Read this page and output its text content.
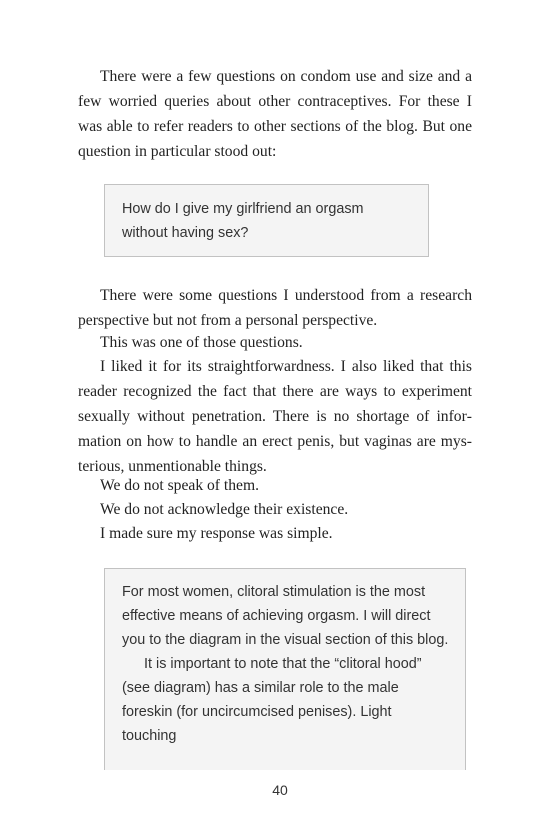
There were a few questions on condom use and size and a few worried queries about other contraceptives. For these I was able to refer readers to other sections of the blog. But one question in particular stood out:

How do I give my girlfriend an orgasm without having sex?

There were some questions I understood from a research perspective but not from a personal perspective.

This was one of those questions.

I liked it for its straightforwardness. I also liked that this reader recognized the fact that there are ways to experiment sexually without penetration. There is no shortage of information on how to handle an erect penis, but vaginas are mysterious, unmentionable things.

We do not speak of them.

We do not acknowledge their existence.

I made sure my response was simple.

For most women, clitoral stimulation is the most effective means of achieving orgasm. I will direct you to the diagram in the visual section of this blog.

It is important to note that the “clitoral hood” (see diagram) has a similar role to the male foreskin (for uncircumcised penises). Light touching

40
